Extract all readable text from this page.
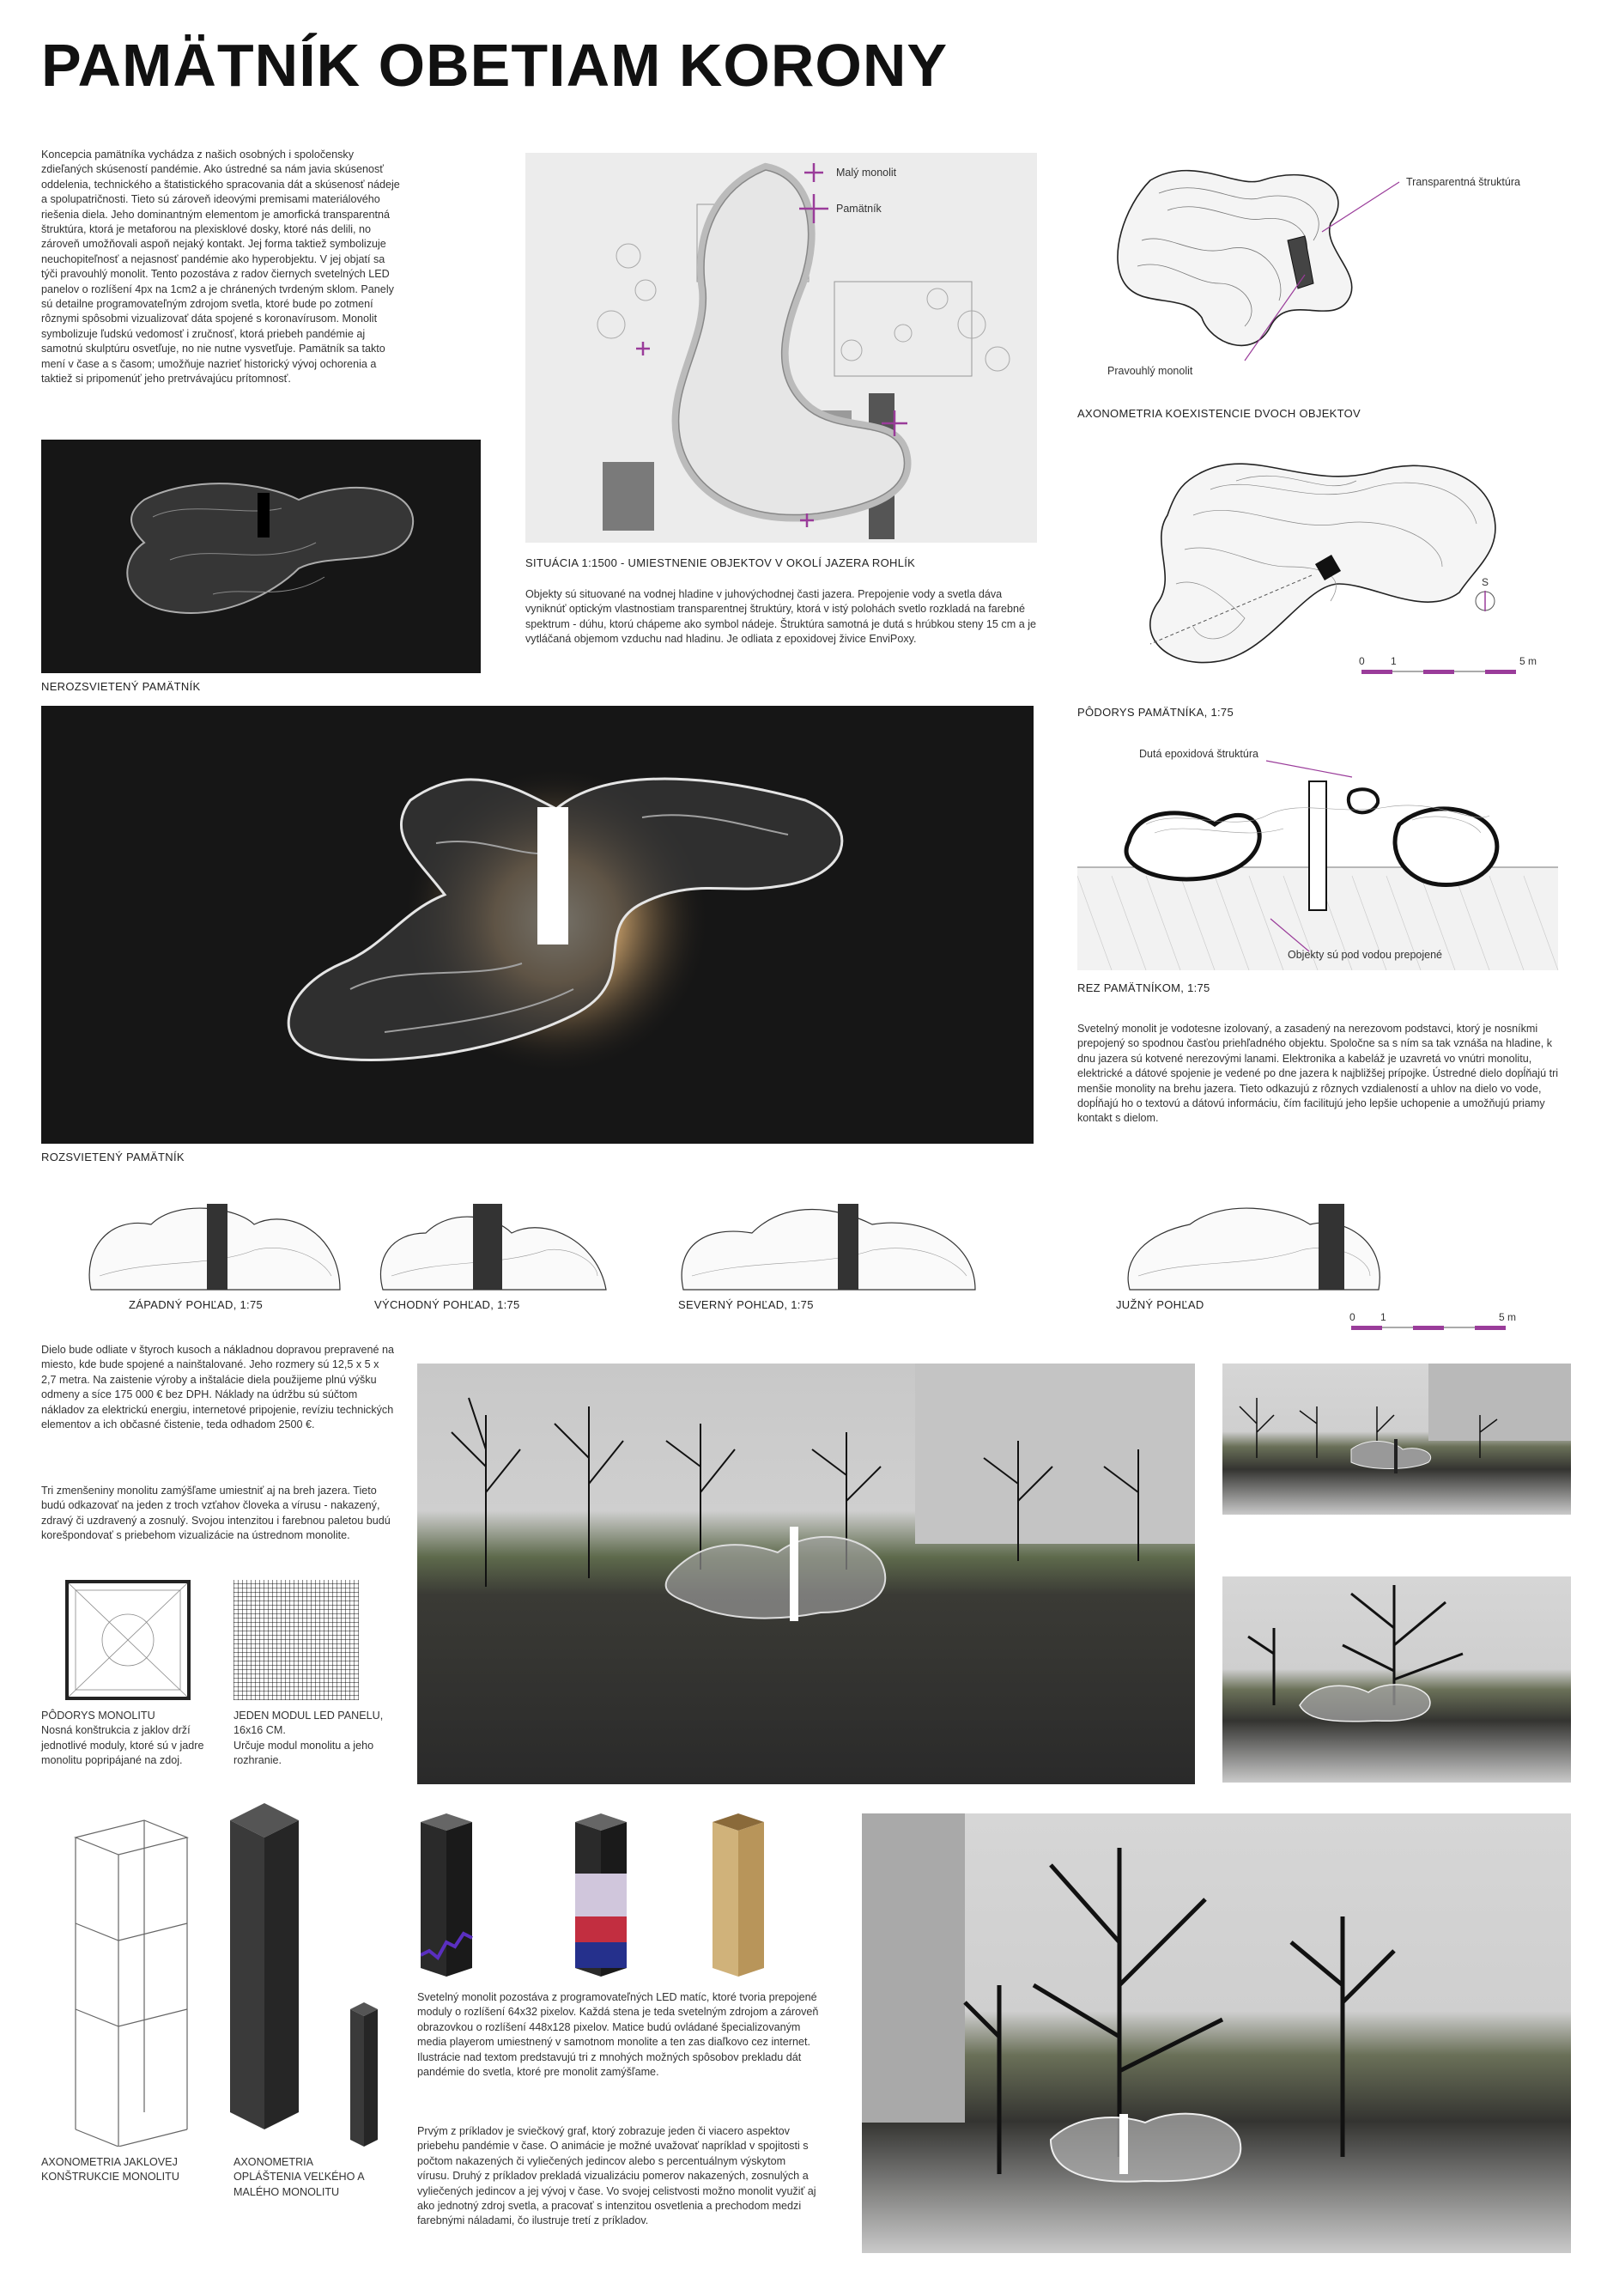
PAMÄTNÍK OBETIAM KORONY
Koncepcia pamätníka vychádza z našich osobných i spoločensky zdieľaných skúseností pandémie. Ako ústredné sa nám javia skúsenosť oddelenia, technického a štatistického spracovania dát a skúsenosť nádeje a spolupatričnosti. Tieto sú zároveň ideovými premisami materiálového riešenia diela. Jeho dominantným elementom je amorfická transparentná štruktúra, ktorá je metaforou na plexisklové dosky, ktoré nás delili, no zároveň umožňovali aspoň nejaký kontakt. Jej forma taktiež symbolizuje neuchopiteľnosť a nejasnosť pandémie ako hyperobjektu. V jej objatí sa týči pravouhlý monolit. Tento pozostáva z radov čiernych svetelných LED panelov o rozlíšení 4px na 1cm2 a je chránených tvrdeným sklom. Panely sú detailne programovateľným zdrojom svetla, ktoré bude po zotmení rôznymi spôsobmi vizualizovať dáta spojené s koronavírusom. Monolit symbolizuje ľudskú vedomosť i zručnosť, ktorá priebeh pandémie aj samotnú skulptúru osvetľuje, no nie nutne vysvetľuje. Pamätník sa takto mení v čase a s časom; umožňuje nazrieť historický vývoj ochorenia a taktiež si pripomenúť jeho pretrvávajúcu prítomnosť.
Malý monolit
Pamätník
SITUÁCIA 1:1500 - UMIESTNENIE OBJEKTOV V OKOLÍ JAZERA ROHLÍK
Objekty sú situované na vodnej hladine v juhovýchodnej časti jazera. Prepojenie vody a svetla dáva vyniknúť optickým vlastnostiam transparentnej štruktúry, ktorá v istý polohách svetlo rozkladá na farebné spektrum - dúhu, ktorú chápeme ako symbol nádeje. Štruktúra samotná je dutá s hrúbkou steny 15 cm a je vytláčaná objemom vzduchu nad hladinu. Je odliata z epoxidovej živice EnviPoxy.
Transparentná štruktúra
Pravouhlý monolit
AXONOMETRIA KOEXISTENCIE DVOCH OBJEKTOV
S
0	1	5 m
PÔDORYS PAMÄTNÍKA, 1:75
Dutá epoxidová štruktúra
Objekty sú pod vodou prepojené
REZ PAMÄTNÍKOM, 1:75
Svetelný monolit je vodotesne izolovaný, a zasadený na nerezovom podstavci, ktorý je nosníkmi prepojený so spodnou časťou priehľadného objektu. Spoločne sa s ním sa tak vznáša na hladine, k dnu jazera sú kotvené nerezovými lanami. Elektronika a kabeláž je uzavretá vo vnútri monolitu, elektrické a dátové spojenie je vedené po dne jazera k najbližšej prípojke. Ústredné dielo dopĺňajú tri menšie monolity na brehu jazera. Tieto odkazujú z rôznych vzdialeností a uhlov na dielo vo vode, dopĺňajú ho o textovú a dátovú informáciu, čím facilitujú jeho lepšie uchopenie a umožňujú priamy kontakt s dielom.
NEROZSVIETENÝ PAMÄTNÍK
ROZSVIETENÝ PAMÄTNÍK
ZÁPADNÝ POHĽAD, 1:75	VÝCHODNÝ POHĽAD, 1:75	SEVERNÝ POHĽAD, 1:75	JUŽNÝ POHĽAD
0 1	5 m
Dielo bude odliate v štyroch kusoch a nákladnou dopravou prepravené na miesto, kde bude spojené a nainštalované. Jeho rozmery sú 12,5 x 5 x 2,7 metra. Na zaistenie výroby a inštalácie diela použijeme plnú výšku odmeny a síce 175 000 € bez DPH. Náklady na údržbu sú súčtom nákladov za elektrickú energiu, internetové pripojenie, revíziu technických elementov a ich občasné čistenie, teda odhadom 2500 €.
Tri zmenšeniny monolitu zamýšľame umiestniť aj na breh jazera. Tieto budú odkazovať na jeden z troch vzťahov človeka a vírusu - nakazený, zdravý či uzdravený a zosnulý. Svojou intenzitou i farebnou paletou budú korešpondovať s priebehom vizualizácie na ústrednom monolite.
PÔDORYS MONOLITU
Nosná konštrukcia z jaklov drží jednotlivé moduly, ktoré sú v jadre monolitu popripájané na zdoj.
JEDEN MODUL LED PANELU, 16x16 CM.
Určuje modul monolitu a jeho rozhranie.
AXONOMETRIA JAKLOVEJ KONŠTRUKCIE MONOLITU
AXONOMETRIA OPLÁŠTENIA VEĽKÉHO A MALÉHO MONOLITU
Svetelný monolit pozostáva z programovateľných LED matíc, ktoré tvoria prepojené moduly o rozlíšení 64x32 pixelov. Každá stena je teda svetelným zdrojom a zároveň obrazovkou o rozlíšení 448x128 pixelov. Matice budú ovládané špecializovaným media playerom umiestnený v samotnom monolite a ten zas diaľkovo cez internet. Ilustrácie nad textom predstavujú tri z mnohých možných spôsobov prekladu dát pandémie do svetla, ktoré pre monolit zamýšľame.
Prvým z príkladov je sviečkový graf, ktorý zobrazuje jeden či viacero aspektov priebehu pandémie v čase. O animácie je možné uvažovať napríklad v spojitosti s počtom nakazených či vyliečených jedincov alebo s percentuálnym výskytom vírusu. Druhý z príkladov prekladá vizualizáciu pomerov nakazených, zosnulých a vyliečených jedincov a jej vývoj v čase. Vo svojej celistvosti možno monolit využiť aj ako jednotný zdroj svetla, a pracovať s intenzitou osvetlenia a prechodom medzi farebnými náladami, čo ilustruje tretí z príkladov.
